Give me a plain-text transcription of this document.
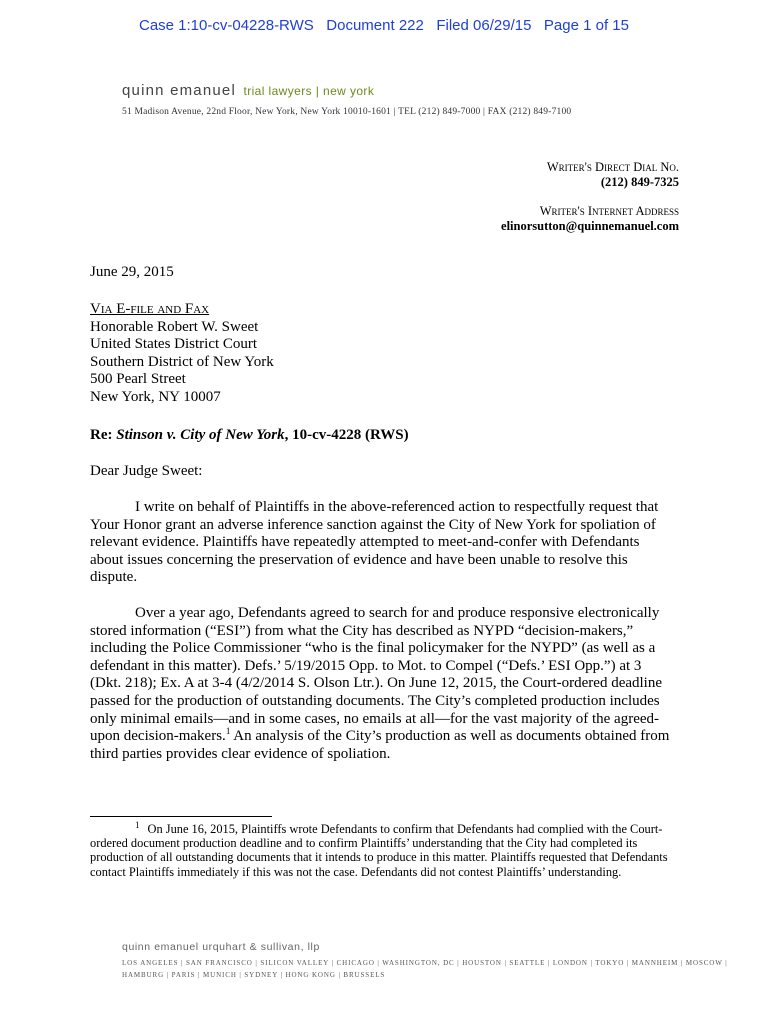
Case 1:10-cv-04228-RWS   Document 222   Filed 06/29/15   Page 1 of 15
quinn emanuel trial lawyers | new york
51 Madison Avenue, 22nd Floor, New York, New York 10010-1601 | TEL (212) 849-7000 | FAX (212) 849-7100
Writer's Direct Dial No.
(212) 849-7325
Writer's Internet Address
elinorsutton@quinnemanuel.com
June 29, 2015
Via E-file and Fax
Honorable Robert W. Sweet
United States District Court
Southern District of New York
500 Pearl Street
New York, NY 10007
Re: Stinson v. City of New York, 10-cv-4228 (RWS)
Dear Judge Sweet:
I write on behalf of Plaintiffs in the above-referenced action to respectfully request that Your Honor grant an adverse inference sanction against the City of New York for spoliation of relevant evidence. Plaintiffs have repeatedly attempted to meet-and-confer with Defendants about issues concerning the preservation of evidence and have been unable to resolve this dispute.
Over a year ago, Defendants agreed to search for and produce responsive electronically stored information (“ESI”) from what the City has described as NYPD “decision-makers,” including the Police Commissioner “who is the final policymaker for the NYPD” (as well as a defendant in this matter). Defs.’ 5/19/2015 Opp. to Mot. to Compel (“Defs.’ ESI Opp.”) at 3 (Dkt. 218); Ex. A at 3-4 (4/2/2014 S. Olson Ltr.). On June 12, 2015, the Court-ordered deadline passed for the production of outstanding documents. The City’s completed production includes only minimal emails—and in some cases, no emails at all—for the vast majority of the agreed-upon decision-makers.$^1$ An analysis of the City’s production as well as documents obtained from third parties provides clear evidence of spoliation.
$^1$ On June 16, 2015, Plaintiffs wrote Defendants to confirm that Defendants had complied with the Court-ordered document production deadline and to confirm Plaintiffs’ understanding that the City had completed its production of all outstanding documents that it intends to produce in this matter. Plaintiffs requested that Defendants contact Plaintiffs immediately if this was not the case. Defendants did not contest Plaintiffs’ understanding.
quinn emanuel urquhart & sullivan, llp
LOS ANGELES | SAN FRANCISCO | SILICON VALLEY | CHICAGO | WASHINGTON, DC | HOUSTON | SEATTLE | LONDON | TOKYO | MANNHEIM | MOSCOW | HAMBURG | PARIS | MUNICH | SYDNEY | HONG KONG | BRUSSELS
